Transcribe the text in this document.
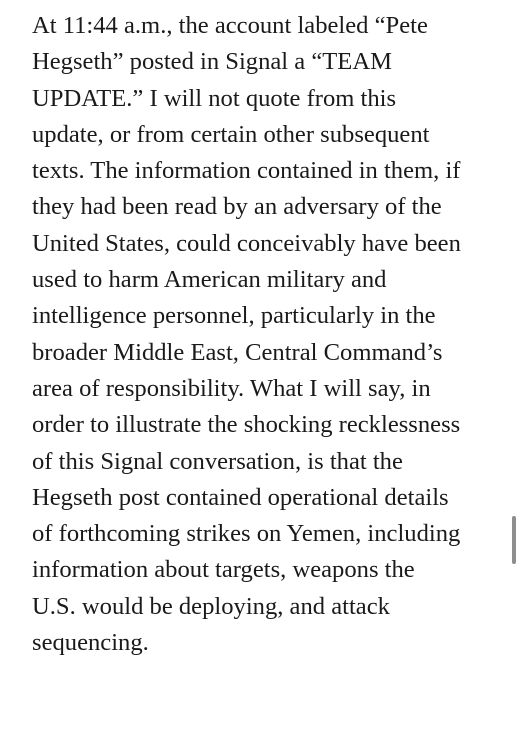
At 11:44 a.m., the account labeled “Pete
Hegseth” posted in Signal a “TEAM
UPDATE.” I will not quote from this
update, or from certain other subsequent
texts. The information contained in them, if
they had been read by an adversary of the
United States, could conceivably have been
used to harm American military and
intelligence personnel, particularly in the
broader Middle East, Central Command’s
area of responsibility. What I will say, in
order to illustrate the shocking recklessness
of this Signal conversation, is that the
Hegseth post contained operational details
of forthcoming strikes on Yemen, including
information about targets, weapons the
U.S. would be deploying, and attack
sequencing.
